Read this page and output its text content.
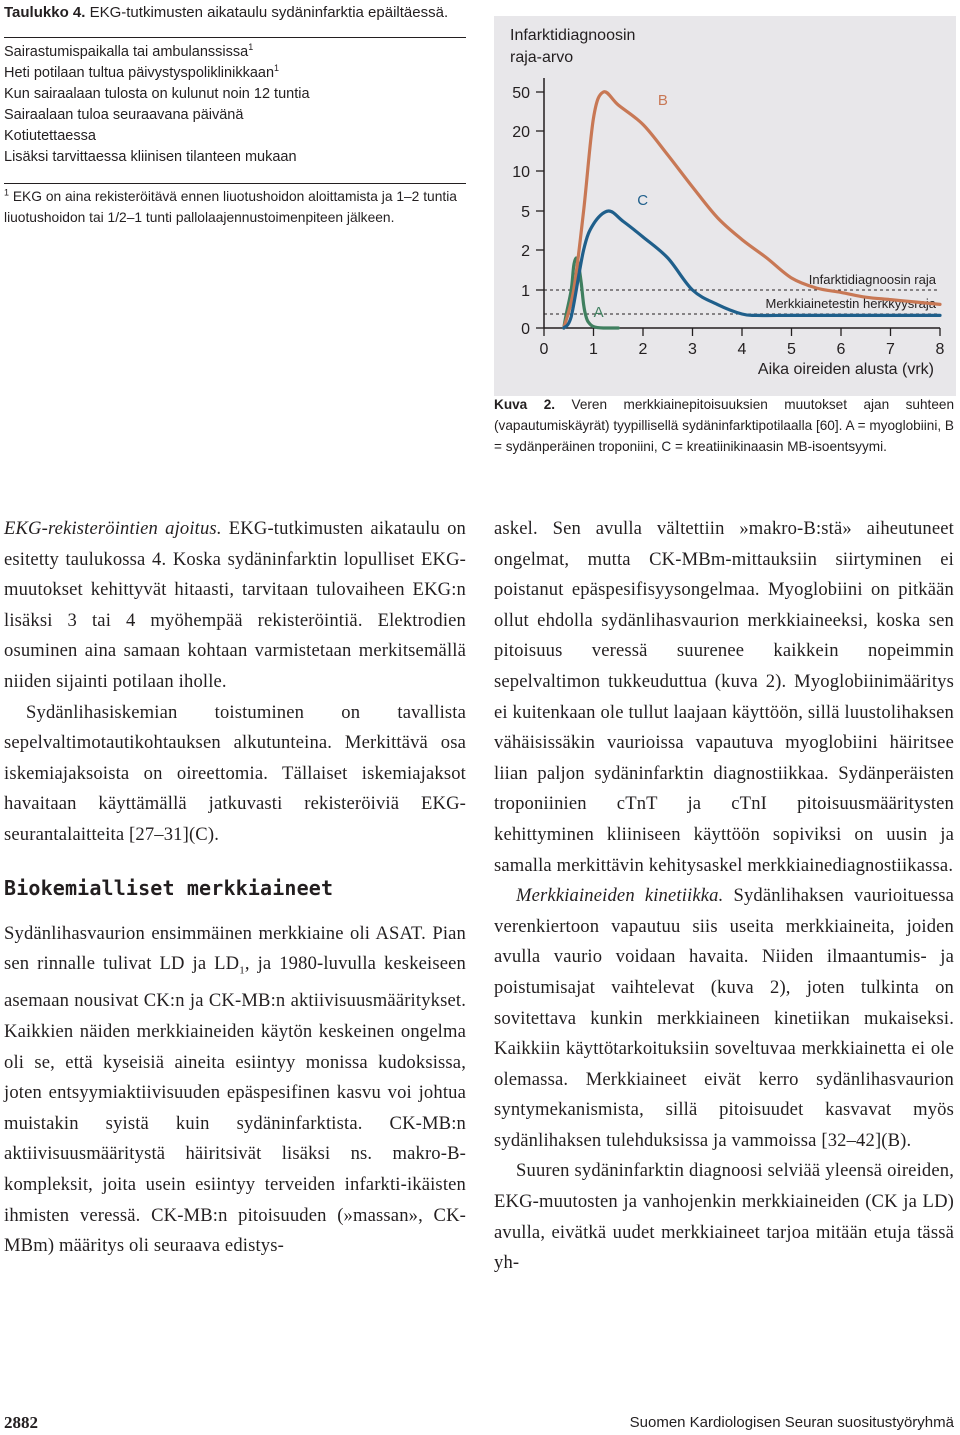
Taulukko 4. EKG-tutkimusten aikataulu sydäninfarktia epäiltäessä.
Sairastumispaikalla tai ambulanssissa$^1$
Heti potilaan tultua päivystyspoliklinikkaan$^1$
Kun sairaalaan tulosta on kulunut noin 12 tuntia
Sairaalaan tuloa seuraavana päivänä
Kotiutettaessa
Lisäksi tarvittaessa kliinisen tilanteen mukaan
$^1$ EKG on aina rekisteröitävä ennen liuotushoidon aloittamista ja 1–2 tuntia liuotushoidon tai 1/2–1 tunti pallolaajennustoimenpiteen jälkeen.
Infarktidiagnoosin
raja-arvo
Infarktidiagnoosin raja
Merkkiainetestin herkkyysraja
A
B
C
50
20
10
5
2
1
0
0	1	2	3	4	5	6	7	8
Aika oireiden alusta (vrk)
Kuva 2. Veren merkkiainepitoisuuksien muutokset ajan suhteen (vapautumiskäyrät) tyypillisellä sydäninfarktipotilaalla [60]. A = myoglobiini, B = sydänperäinen troponiini, C = kreatiinikinaasin MB-isoentsyymi.

EKG-rekisteröintien ajoitus. EKG-tutkimusten aikataulu on esitetty taulukossa 4. Koska sydäninfarktin lopulliset EKG-muutokset kehittyvät hitaasti, tarvitaan tulovaiheen EKG:n lisäksi 3 tai 4 myöhempää rekisteröintiä. Elektrodien osuminen aina samaan kohtaan varmistetaan merkitsemällä niiden sijainti potilaan iholle.

Sydänlihasiskemian toistuminen on tavallista sepelvaltimotautikohtauksen alkutunteina. Merkittävä osa iskemiajaksoista on oireettomia. Tällaiset iskemiajaksot havaitaan käyttämällä jatkuvasti rekisteröiviä EKG-seurantalaitteita [27–31](C).

Biokemialliset merkkiaineet

Sydänlihasvaurion ensimmäinen merkkiaine oli ASAT. Pian sen rinnalle tulivat LD ja $LD_1$, ja 1980-luvulla keskeiseen asemaan nousivat CK:n ja CK-MB:n aktiivisuusmääritykset. Kaikkien näiden merkkiaineiden käytön keskeinen ongelma oli se, että kyseisiä aineita esiintyy monissa kudoksissa, joten entsyymiaktiivisuuden epäspesifinen kasvu voi johtua muistakin syistä kuin sydäninfarktista. CK-MB:n aktiivisuusmääritystä häiritsivät lisäksi ns. makro-B-kompleksit, joita usein esiintyy terveiden infarkti-ikäisten ihmisten veressä. CK-MB:n pitoisuuden (»massan», CK-MBm) määritys oli seuraava edistys-

askel. Sen avulla vältettiin »makro-B:stä» aiheutuneet ongelmat, mutta CK-MBm-mittauksiin siirtyminen ei poistanut epäspesifisyysongelmaa. Myoglobiini on pitkään ollut ehdolla sydänlihasvaurion merkkiaineeksi, koska sen pitoisuus veressä suurenee kaikkein nopeimmin sepelvaltimon tukkeuduttua (kuva 2). Myoglobiinimääritys ei kuitenkaan ole tullut laajaan käyttöön, sillä luustolihaksen vähäisissäkin vaurioissa vapautuva myoglobiini häiritsee liian paljon sydäninfarktin diagnostiikkaa. Sydänperäisten troponiinien cTnT ja cTnI pitoisuusmääritysten kehittyminen kliiniseen käyttöön sopiviksi on uusin ja samalla merkittävin kehitysaskel merkkiainediagnostiikassa.

Merkkiaineiden kinetiikka. Sydänlihaksen vaurioituessa verenkiertoon vapautuu siis useita merkkiaineita, joiden avulla vaurio voidaan havaita. Niiden ilmaantumis- ja poistumisajat vaihtelevat (kuva 2), joten tulkinta on sovitettava kunkin merkkiaineen kinetiikan mukaiseksi. Kaikkiin käyttötarkoituksiin soveltuvaa merkkiainetta ei ole olemassa. Merkkiaineet eivät kerro sydänlihasvaurion syntymekanismista, sillä pitoisuudet kasvavat myös sydänlihaksen tulehduksissa ja vammoissa [32–42](B).

Suuren sydäninfarktin diagnoosi selviää yleensä oireiden, EKG-muutosten ja vanhojenkin merkkiaineiden (CK ja LD) avulla, eivätkä uudet merkkiaineet tarjoa mitään etuja tässä yh-

2882	Suomen Kardiologisen Seuran suositustyöryhmä
